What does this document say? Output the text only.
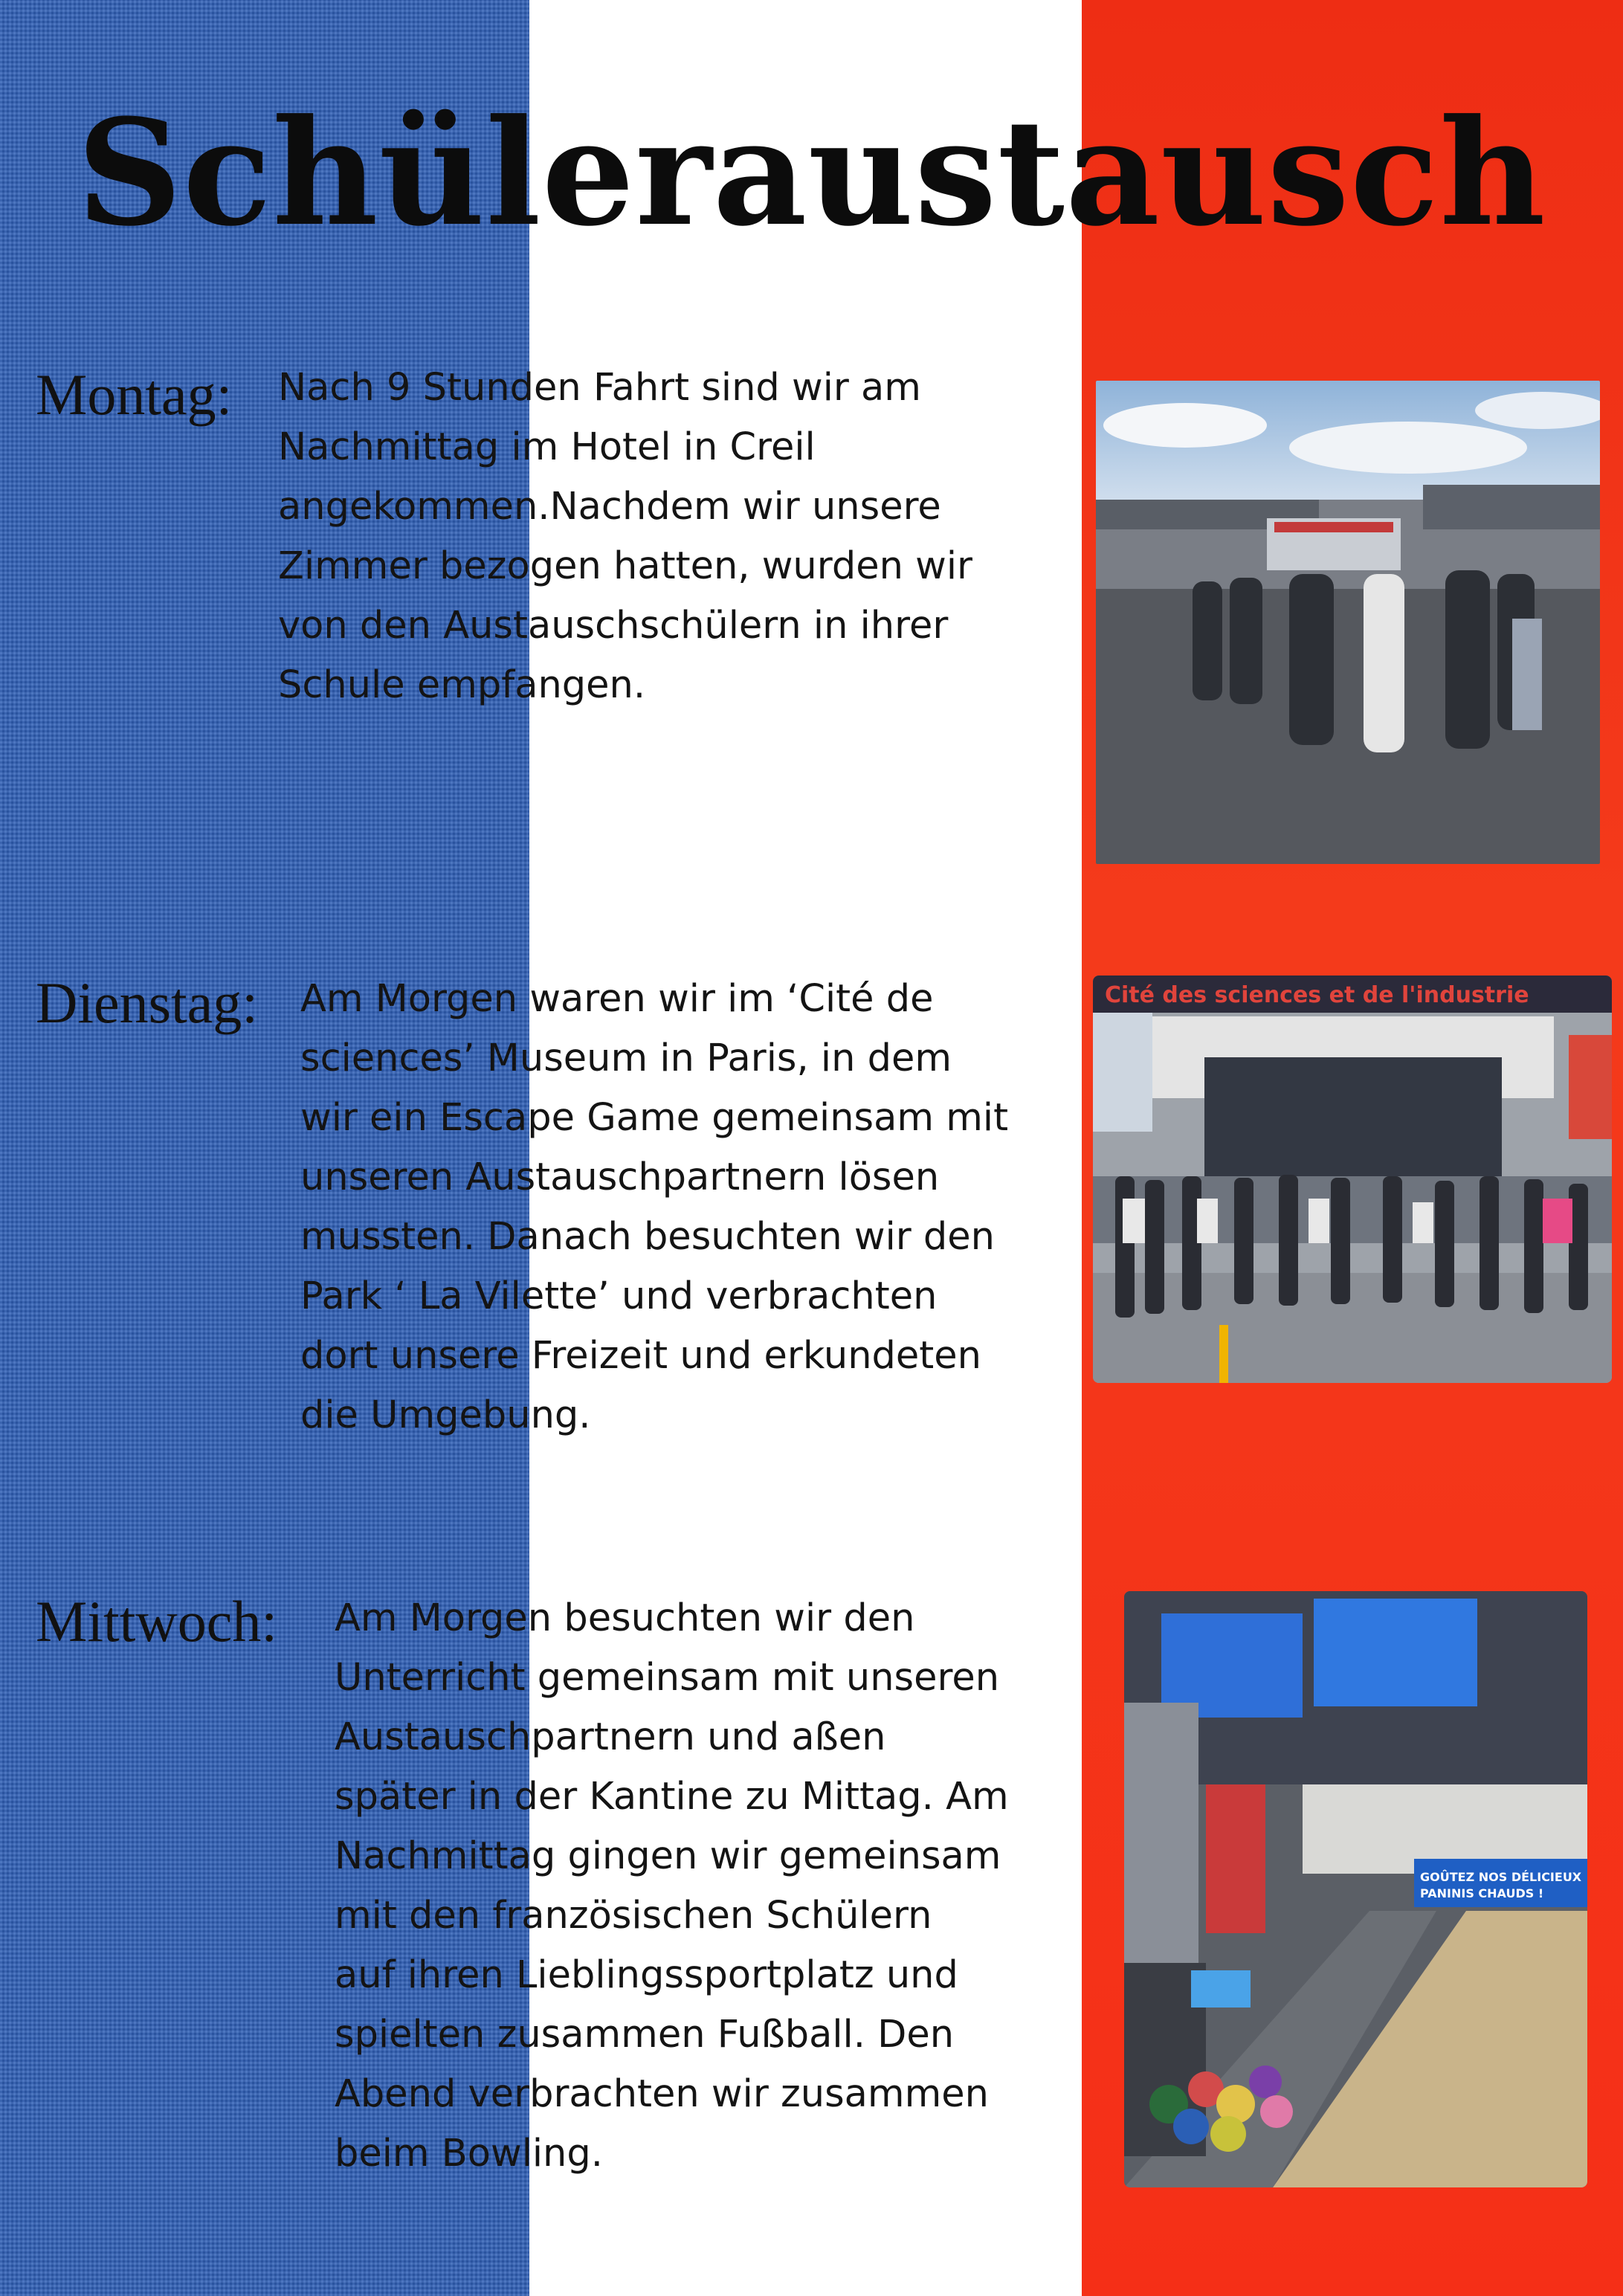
Schüleraustausch
Montag: Nach 9 Stunden Fahrt sind wir am
Nachmittag im Hotel in Creil
angekommen.Nachdem wir unsere
Zimmer bezogen hatten, wurden wir
von den Austauschschülern in ihrer
Schule empfangen.
Dienstag: Am Morgen waren wir im ‘Cité de
sciences’ Museum in Paris, in dem
wir ein Escape Game gemeinsam mit
unseren Austauschpartnern lösen
mussten. Danach besuchten wir den
Park ‘ La Vilette’ und verbrachten
dort unsere Freizeit und erkundeten
die Umgebung.
Cité des sciences et de l'industrie
Mittwoch: Am Morgen besuchten wir den
Unterricht gemeinsam mit unseren
Austauschpartnern und aßen
später in der Kantine zu Mittag. Am
Nachmittag gingen wir gemeinsam
mit den französischen Schülern
auf ihren Lieblingssportplatz und
spielten zusammen Fußball. Den
Abend verbrachten wir zusammen
beim Bowling.
GOÛTEZ NOS DÉLICIEUX
PANINIS CHAUDS !
